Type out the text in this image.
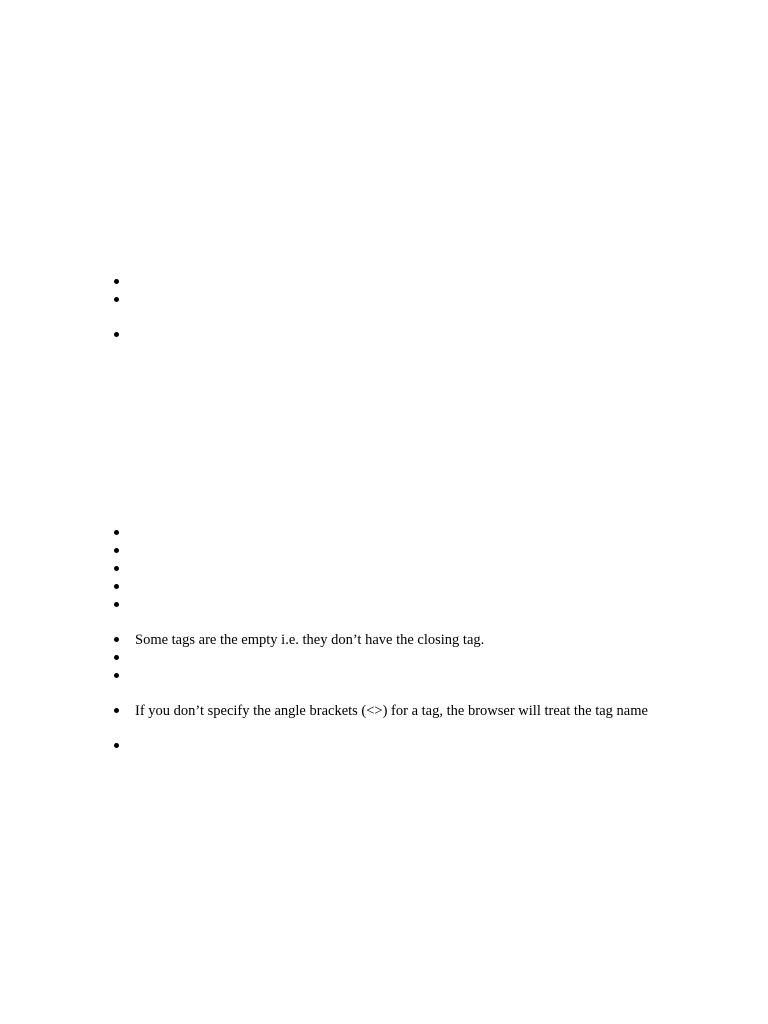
Some tags are the empty i.e. they don’t have the closing tag.
If you don’t specify the angle brackets (<>) for a tag, the browser will treat the tag name
